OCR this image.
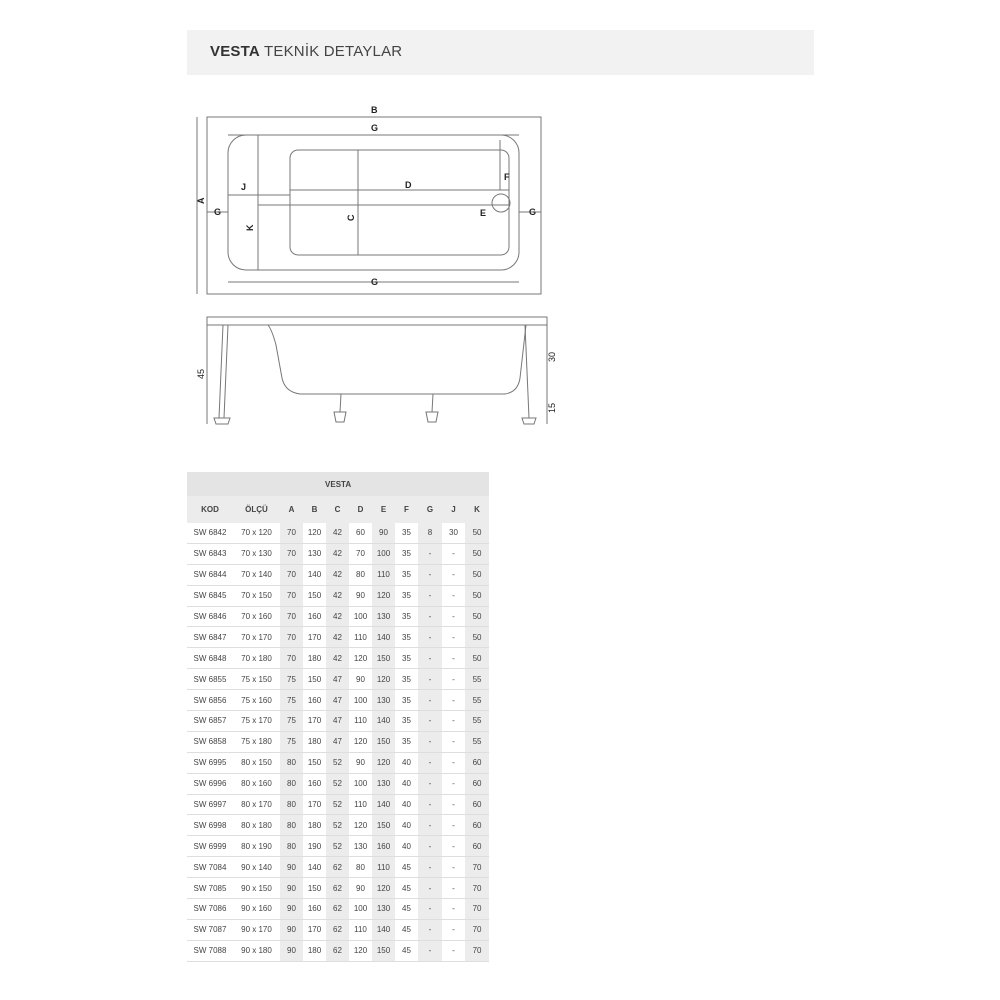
VESTA TEKNİK DETAYLAR
B
G
G
G	G
A
C
D
E
F
J
K
45
30
15
VESTA										
KOD	ÖLÇÜ	A	B	C	D	E	F	G	J	K
SW 6842	70 x 120	70	120	42	60	90	35	8	30	50
SW 6843	70 x 130	70	130	42	70	100	35	-	-	50
SW 6844	70 x 140	70	140	42	80	110	35	-	-	50
SW 6845	70 x 150	70	150	42	90	120	35	-	-	50
SW 6846	70 x 160	70	160	42	100	130	35	-	-	50
SW 6847	70 x 170	70	170	42	110	140	35	-	-	50
SW 6848	70 x 180	70	180	42	120	150	35	-	-	50
SW 6855	75 x 150	75	150	47	90	120	35	-	-	55
SW 6856	75 x 160	75	160	47	100	130	35	-	-	55
SW 6857	75 x 170	75	170	47	110	140	35	-	-	55
SW 6858	75 x 180	75	180	47	120	150	35	-	-	55
SW 6995	80 x 150	80	150	52	90	120	40	-	-	60
SW 6996	80 x 160	80	160	52	100	130	40	-	-	60
SW 6997	80 x 170	80	170	52	110	140	40	-	-	60
SW 6998	80 x 180	80	180	52	120	150	40	-	-	60
SW 6999	80 x 190	80	190	52	130	160	40	-	-	60
SW 7084	90 x 140	90	140	62	80	110	45	-	-	70
SW 7085	90 x 150	90	150	62	90	120	45	-	-	70
SW 7086	90 x 160	90	160	62	100	130	45	-	-	70
SW 7087	90 x 170	90	170	62	110	140	45	-	-	70
SW 7088	90 x 180	90	180	62	120	150	45	-	-	70
